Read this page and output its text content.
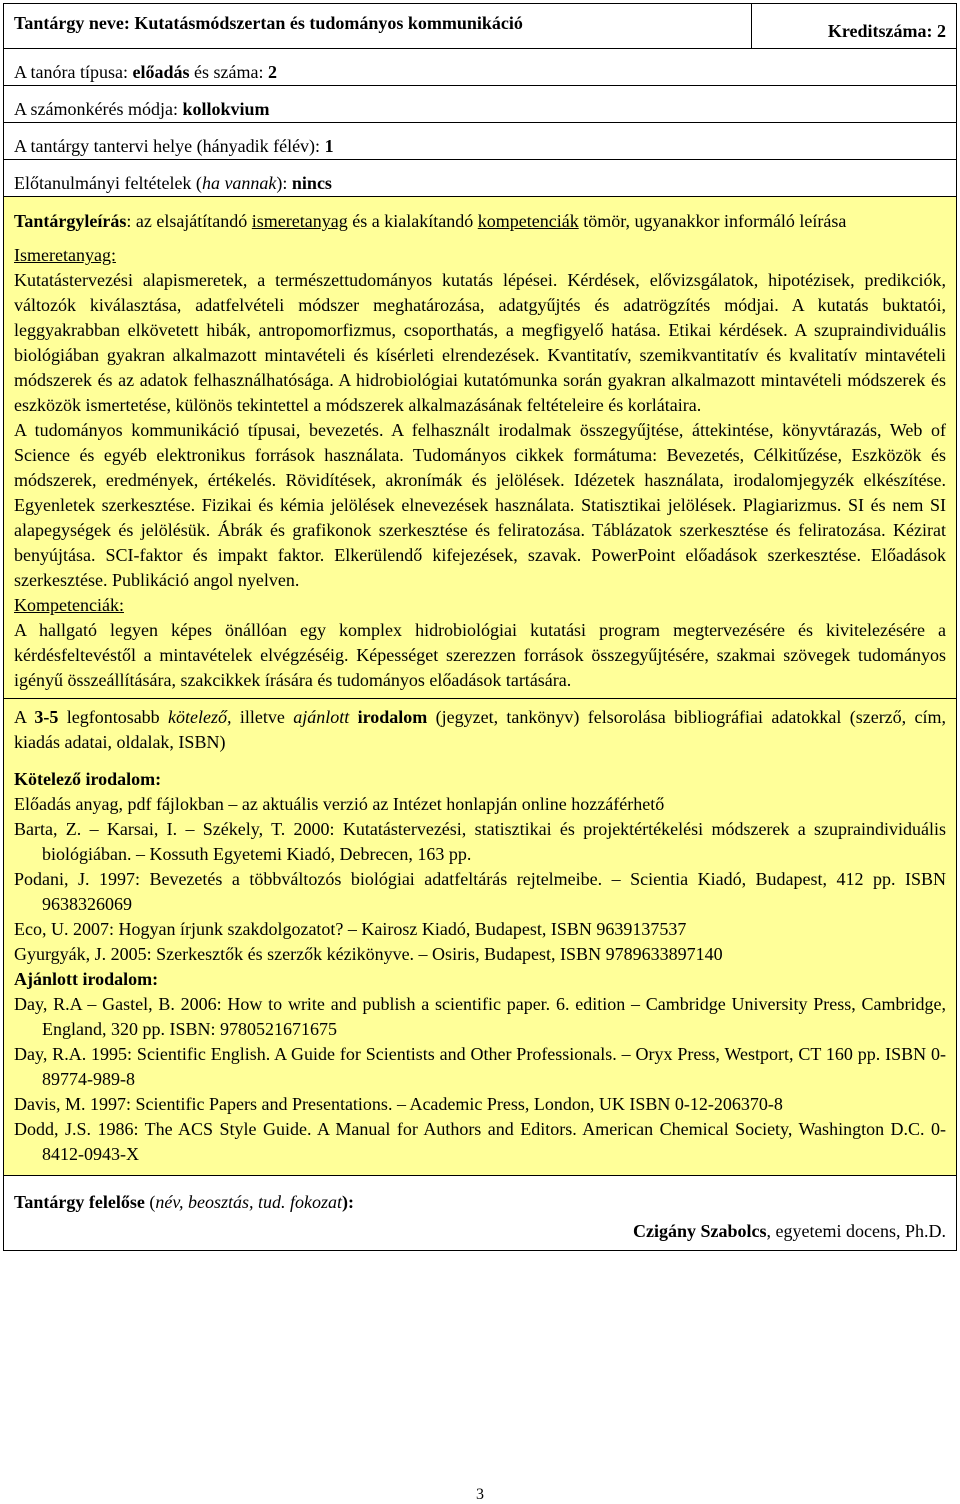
Tantárgy neve: Kutatásmódszertan és tudományos kommunikáció	Kreditszáma: 2
A tanóra típusa: előadás és száma: 2
A számonkérés módja: kollokvium
A tantárgy tantervi helye (hányadik félév): 1
Előtanulmányi feltételek (ha vannak): nincs

Tantárgyleírás: az elsajátítandó ismeretanyag és a kialakítandó kompetenciák tömör, ugyanakkor informáló leírása

Ismeretanyag:

Kutatástervezési alapismeretek, a természettudományos kutatás lépései. Kérdések, elővizsgálatok, hipotézisek, predikciók, változók kiválasztása, adatfelvételi módszer meghatározása, adatgyűjtés és adatrögzítés módjai. A kutatás buktatói, leggyakrabban elkövetett hibák, antropomorfizmus, csoporthatás, a megfigyelő hatása. Etikai kérdések. A szupraindividuális biológiában gyakran alkalmazott mintavételi és kísérleti elrendezések. Kvantitatív, szemikvantitatív és kvalitatív mintavételi módszerek és az adatok felhasználhatósága. A hidrobiológiai kutatómunka során gyakran alkalmazott mintavételi módszerek és eszközök ismertetése, különös tekintettel a módszerek alkalmazásának feltételeire és korlátaira.

A tudományos kommunikáció típusai, bevezetés. A felhasznált irodalmak összegyűjtése, áttekintése, könyvtárazás, Web of Science és egyéb elektronikus források használata. Tudományos cikkek formátuma: Bevezetés, Célkitűzése, Eszközök és módszerek, eredmények, értékelés. Rövidítések, akronímák és jelölések. Idézetek használata, irodalomjegyzék elkészítése. Egyenletek szerkesztése. Fizikai és kémia jelölések elnevezések használata. Statisztikai jelölések. Plagiarizmus. SI és nem SI alapegységek és jelölésük. Ábrák és grafikonok szerkesztése és feliratozása. Táblázatok szerkesztése és feliratozása. Kézirat benyújtása. SCI-faktor és impakt faktor. Elkerülendő kifejezések, szavak. PowerPoint előadások szerkesztése. Előadások szerkesztése. Publikáció angol nyelven.

Kompetenciák:

A hallgató legyen képes önállóan egy komplex hidrobiológiai kutatási program megtervezésére és kivitelezésére a kérdésfeltevéstől a mintavételek elvégzéséig. Képességet szerezzen források összegyűjtésére, szakmai szövegek tudományos igényű összeállítására, szakcikkek írására és tudományos előadások tartására.

A 3-5 legfontosabb kötelező, illetve ajánlott irodalom (jegyzet, tankönyv) felsorolása bibliográfiai adatokkal (szerző, cím, kiadás adatai, oldalak, ISBN)

Kötelező irodalom:

Előadás anyag, pdf fájlokban – az aktuális verzió az Intézet honlapján online hozzáférhető

Barta, Z. – Karsai, I. – Székely, T. 2000: Kutatástervezési, statisztikai és projektértékelési módszerek a szupraindividuális biológiában. – Kossuth Egyetemi Kiadó, Debrecen, 163 pp.

Podani, J. 1997: Bevezetés a többváltozós biológiai adatfeltárás rejtelmeibe. – Scientia Kiadó, Budapest, 412 pp. ISBN 9638326069

Eco, U. 2007: Hogyan írjunk szakdolgozatot? – Kairosz Kiadó, Budapest, ISBN 9639137537

Gyurgyák, J. 2005: Szerkesztők és szerzők kézikönyve. – Osiris, Budapest, ISBN 9789633897140

Ajánlott irodalom:

Day, R.A – Gastel, B. 2006: How to write and publish a scientific paper. 6. edition – Cambridge University Press, Cambridge, England, 320 pp. ISBN: 9780521671675

Day, R.A. 1995: Scientific English. A Guide for Scientists and Other Professionals. – Oryx Press, Westport, CT 160 pp. ISBN 0-89774-989-8

Davis, M. 1997: Scientific Papers and Presentations. – Academic Press, London, UK ISBN 0-12-206370-8

Dodd, J.S. 1986: The ACS Style Guide. A Manual for Authors and Editors. American Chemical Society, Washington D.C. 0-8412-0943-X

Tantárgy felelőse (név, beosztás, tud. fokozat):

Czigány Szabolcs, egyetemi docens, Ph.D.

3
